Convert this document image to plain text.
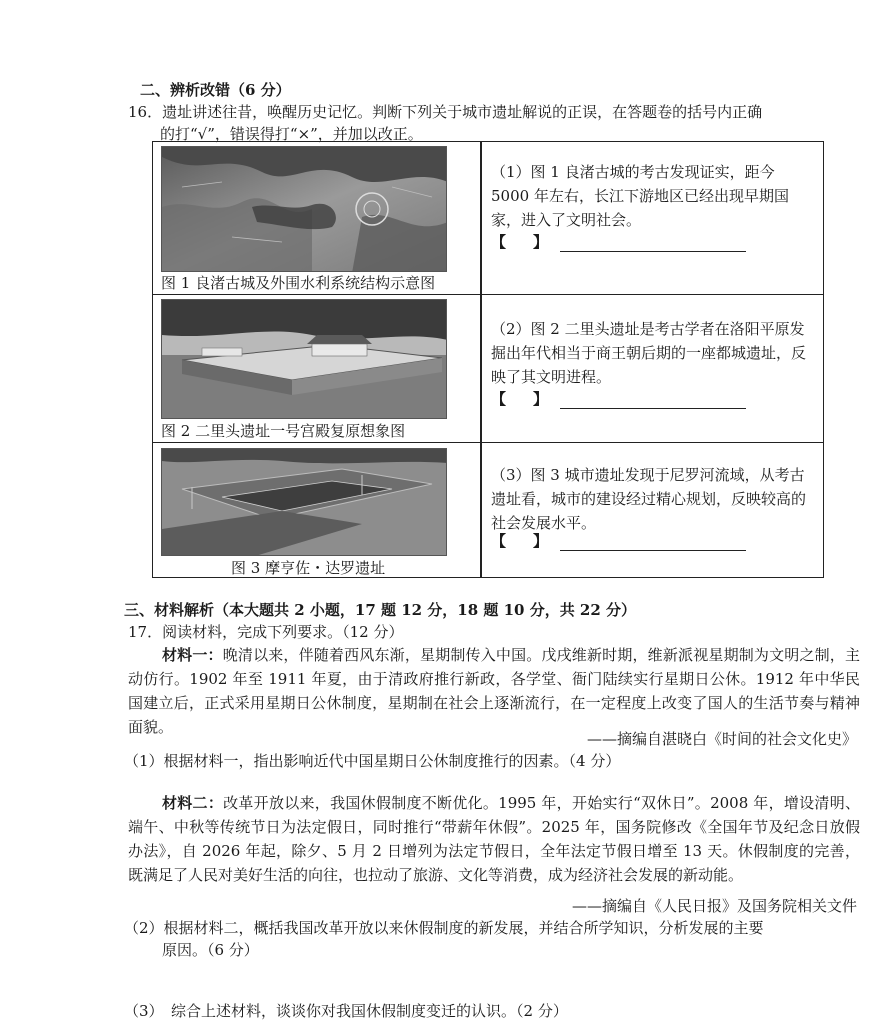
二、辨析改错（6 分）
16．遗址讲述往昔，唤醒历史记忆。判断下列关于城市遗址解说的正误，在答题卷的括号内正确
的打“√”，错误得打“×”，并加以改正。
图 1 良渚古城及外围水利系统结构示意图
（1）图 1 良渚古城的考古发现证实，距今 5000 年左右，长江下游地区已经出现早期国家，进入了文明社会。
【　】
图 2 二里头遗址一号宫殿复原想象图
（2）图 2 二里头遗址是考古学者在洛阳平原发掘出年代相当于商王朝后期的一座都城遗址，反映了其文明进程。
【　】
图 3 摩亨佐・达罗遗址
（3）图 3 城市遗址发现于尼罗河流域，从考古遗址看，城市的建设经过精心规划，反映较高的社会发展水平。
【　】
三、材料解析（本大题共 2 小题，17 题 12 分，18 题 10 分，共 22 分）
17．阅读材料，完成下列要求。（12 分）
材料一：晚清以来，伴随着西风东渐，星期制传入中国。戊戌维新时期，维新派视星期制为文明之制，主动仿行。1902 年至 1911 年夏，由于清政府推行新政，各学堂、衙门陆续实行星期日公休。1912 年中华民国建立后，正式采用星期日公休制度，星期制在社会上逐渐流行，在一定程度上改变了国人的生活节奏与精神面貌。
——摘编自湛晓白《时间的社会文化史》
（1）根据材料一，指出影响近代中国星期日公休制度推行的因素。（4 分）
材料二：改革开放以来，我国休假制度不断优化。1995 年，开始实行“双休日”。2008 年，增设清明、端午、中秋等传统节日为法定假日，同时推行“带薪年休假”。2025 年，国务院修改《全国年节及纪念日放假办法》，自 2026 年起，除夕、5 月 2 日增列为法定节假日，全年法定节假日增至 13 天。休假制度的完善，既满足了人民对美好生活的向往，也拉动了旅游、文化等消费，成为经济社会发展的新动能。
——摘编自《人民日报》及国务院相关文件
（2）根据材料二，概括我国改革开放以来休假制度的新发展，并结合所学知识，分析发展的主要
原因。（6 分）
（3）　综合上述材料，谈谈你对我国休假制度变迁的认识。（2 分）
